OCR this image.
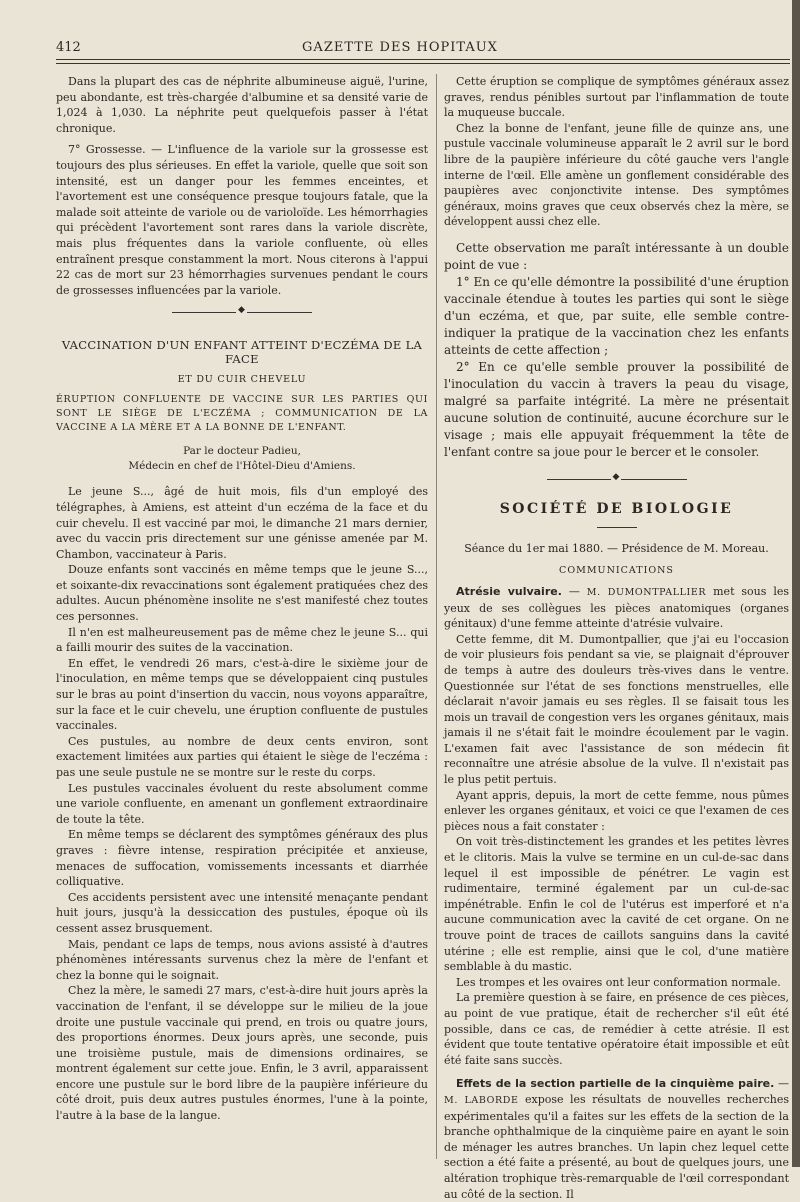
412	GAZETTE DES HOPITAUX

Dans la plupart des cas de néphrite albumineuse aiguë, l'urine, peu abondante, est très-chargée d'albumine et sa densité varie de 1,024 à 1,030. La néphrite peut quelquefois passer à l'état chronique.

7° Grossesse. — L'influence de la variole sur la grossesse est toujours des plus sérieuses. En effet la variole, quelle que soit son intensité, est un danger pour les femmes enceintes, et l'avortement est une conséquence presque toujours fatale, que la malade soit atteinte de variole ou de varioloïde. Les hémorrhagies qui précèdent l'avortement sont rares dans la variole discrète, mais plus fréquentes dans la variole confluente, où elles entraînent presque constamment la mort. Nous citerons à l'appui 22 cas de mort sur 23 hémorrhagies survenues pendant le cours de grossesses influencées par la variole.

◆
VACCINATION D'UN ENFANT ATTEINT D'ECZÉMA DE LA FACE
ET DU CUIR CHEVELU
ÉRUPTION CONFLUENTE DE VACCINE SUR LES PARTIES QUI SONT LE SIÈGE DE L'ECZÉMA ; COMMUNICATION DE LA VACCINE A LA MÈRE ET A LA BONNE DE L'ENFANT.
Par le docteur Padieu,
Médecin en chef de l'Hôtel-Dieu d'Amiens.

Le jeune S..., âgé de huit mois, fils d'un employé des télégraphes, à Amiens, est atteint d'un eczéma de la face et du cuir chevelu. Il est vacciné par moi, le dimanche 21 mars dernier, avec du vaccin pris directement sur une génisse amenée par M. Chambon, vaccinateur à Paris.

Douze enfants sont vaccinés en même temps que le jeune S..., et soixante-dix revaccinations sont également pratiquées chez des adultes. Aucun phénomène insolite ne s'est manifesté chez toutes ces personnes.

Il n'en est malheureusement pas de même chez le jeune S... qui a failli mourir des suites de la vaccination.

En effet, le vendredi 26 mars, c'est-à-dire le sixième jour de l'inoculation, en même temps que se développaient cinq pustules sur le bras au point d'insertion du vaccin, nous voyons apparaître, sur la face et le cuir chevelu, une éruption confluente de pustules vaccinales.

Ces pustules, au nombre de deux cents environ, sont exactement limitées aux parties qui étaient le siège de l'eczéma : pas une seule pustule ne se montre sur le reste du corps.

Les pustules vaccinales évoluent du reste absolument comme une variole confluente, en amenant un gonflement extraordinaire de toute la tête.

En même temps se déclarent des symptômes généraux des plus graves : fièvre intense, respiration précipitée et anxieuse, menaces de suffocation, vomissements incessants et diarrhée colliquative.

Ces accidents persistent avec une intensité menaçante pendant huit jours, jusqu'à la dessiccation des pustules, époque où ils cessent assez brusquement.

Mais, pendant ce laps de temps, nous avions assisté à d'autres phénomènes intéressants survenus chez la mère de l'enfant et chez la bonne qui le soignait.

Chez la mère, le samedi 27 mars, c'est-à-dire huit jours après la vaccination de l'enfant, il se développe sur le milieu de la joue droite une pustule vaccinale qui prend, en trois ou quatre jours, des proportions énormes. Deux jours après, une seconde, puis une troisième pustule, mais de dimensions ordinaires, se montrent également sur cette joue. Enfin, le 3 avril, apparaissent encore une pustule sur le bord libre de la paupière inférieure du côté droit, puis deux autres pustules énormes, l'une à la pointe, l'autre à la base de la langue.

Cette éruption se complique de symptômes généraux assez graves, rendus pénibles surtout par l'inflammation de toute la muqueuse buccale.

Chez la bonne de l'enfant, jeune fille de quinze ans, une pustule vaccinale volumineuse apparaît le 2 avril sur le bord libre de la paupière inférieure du côté gauche vers l'angle interne de l'œil. Elle amène un gonflement considérable des paupières avec conjonctivite intense. Des symptômes généraux, moins graves que ceux observés chez la mère, se développent aussi chez elle.

Cette observation me paraît intéressante à un double point de vue :

1° En ce qu'elle démontre la possibilité d'une éruption vaccinale étendue à toutes les parties qui sont le siège d'un eczéma, et que, par suite, elle semble contre-indiquer la pratique de la vaccination chez les enfants atteints de cette affection ;

2° En ce qu'elle semble prouver la possibilité de l'inoculation du vaccin à travers la peau du visage, malgré sa parfaite intégrité. La mère ne présentait aucune solution de continuité, aucune écorchure sur le visage ; mais elle appuyait fréquemment la tête de l'enfant contre sa joue pour le bercer et le consoler.

◆
SOCIÉTÉ DE BIOLOGIE
Séance du 1er mai 1880. — Présidence de M. Moreau.
COMMUNICATIONS

Atrésie vulvaire. — M. DUMONTPALLIER met sous les yeux de ses collègues les pièces anatomiques (organes génitaux) d'une femme atteinte d'atrésie vulvaire.

Cette femme, dit M. Dumontpallier, que j'ai eu l'occasion de voir plusieurs fois pendant sa vie, se plaignait d'éprouver de temps à autre des douleurs très-vives dans le ventre. Questionnée sur l'état de ses fonctions menstruelles, elle déclarait n'avoir jamais eu ses règles. Il se faisait tous les mois un travail de congestion vers les organes génitaux, mais jamais il ne s'était fait le moindre écoulement par le vagin. L'examen fait avec l'assistance de son médecin fit reconnaître une atrésie absolue de la vulve. Il n'existait pas le plus petit pertuis.

Ayant appris, depuis, la mort de cette femme, nous pûmes enlever les organes génitaux, et voici ce que l'examen de ces pièces nous a fait constater :

On voit très-distinctement les grandes et les petites lèvres et le clitoris. Mais la vulve se termine en un cul-de-sac dans lequel il est impossible de pénétrer. Le vagin est rudimentaire, terminé également par un cul-de-sac impénétrable. Enfin le col de l'utérus est imperforé et n'a aucune communication avec la cavité de cet organe. On ne trouve point de traces de caillots sanguins dans la cavité utérine ; elle est remplie, ainsi que le col, d'une matière semblable à du mastic.

Les trompes et les ovaires ont leur conformation normale.

La première question à se faire, en présence de ces pièces, au point de vue pratique, était de rechercher s'il eût été possible, dans ce cas, de remédier à cette atrésie. Il est évident que toute tentative opératoire était impossible et eût été faite sans succès.

Effets de la section partielle de la cinquième paire. — M. LABORDE expose les résultats de nouvelles recherches expérimentales qu'il a faites sur les effets de la section de la branche ophthalmique de la cinquième paire en ayant le soin de ménager les autres branches. Un lapin chez lequel cette section a été faite a présenté, au bout de quelques jours, une altération trophique très-remarquable de l'œil correspondant au côté de la section. Il
